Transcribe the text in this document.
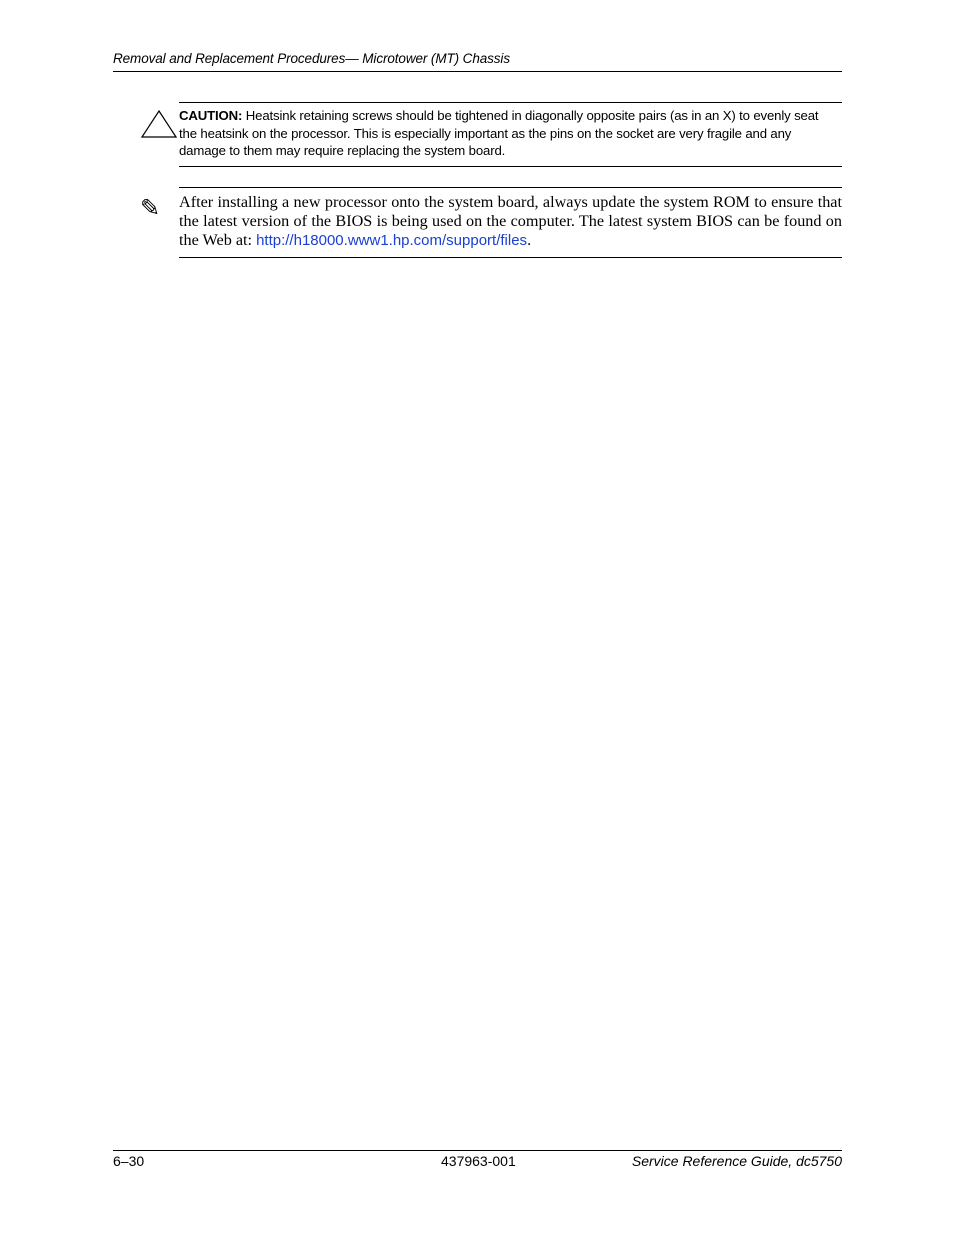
Removal and Replacement Procedures— Microtower (MT) Chassis
CAUTION: Heatsink retaining screws should be tightened in diagonally opposite pairs (as in an X) to evenly seat the heatsink on the processor. This is especially important as the pins on the socket are very fragile and any damage to them may require replacing the system board.
✎ After installing a new processor onto the system board, always update the system ROM to ensure that the latest version of the BIOS is being used on the computer. The latest system BIOS can be found on the Web at: http://h18000.www1.hp.com/support/files.
6–30	437963-001	Service Reference Guide, dc5750
